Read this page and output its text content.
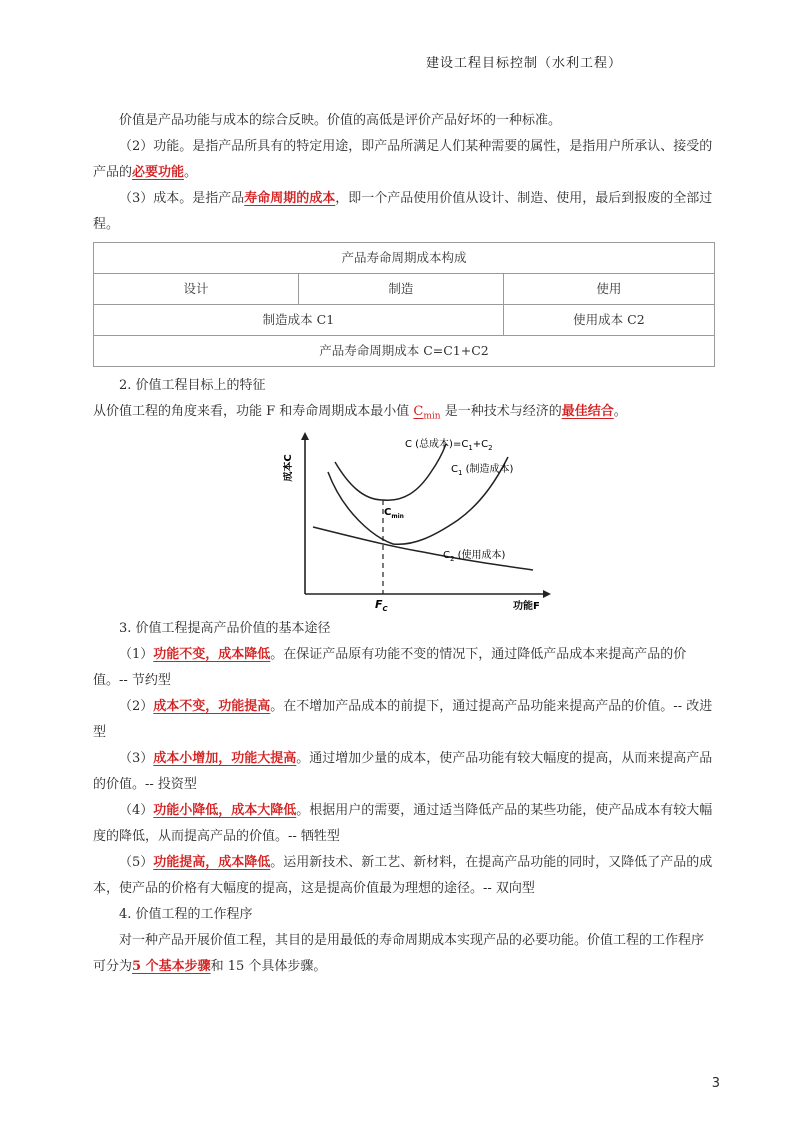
建设工程目标控制（水利工程）

价值是产品功能与成本的综合反映。价值的高低是评价产品好坏的一种标准。

（2）功能。是指产品所具有的特定用途，即产品所满足人们某种需要的属性，是指用户所承认、接受的产品的必要功能。

（3）成本。是指产品寿命周期的成本，即一个产品使用价值从设计、制造、使用，最后到报废的全部过程。

产品寿命周期成本构成		
设计	制造	使用
制造成本 C1		使用成本 C2
产品寿命周期成本 C=C1+C2		

2. 价值工程目标上的特征

从价值工程的角度来看，功能 F 和寿命周期成本最小值 $C_{min}$ 是一种技术与经济的最佳结合。

成本C
功能F
C (总成本)$=C_1+C_2$
$C_1$ (制造成本)
$C_2$ (使用成本)
$C_{min}$
$F_C$

3. 价值工程提高产品价值的基本途径

（1）功能不变，成本降低。在保证产品原有功能不变的情况下，通过降低产品成本来提高产品的价值。-- 节约型

（2）成本不变，功能提高。在不增加产品成本的前提下，通过提高产品功能来提高产品的价值。-- 改进型

（3）成本小增加，功能大提高。通过增加少量的成本，使产品功能有较大幅度的提高，从而来提高产品的价值。-- 投资型

（4）功能小降低，成本大降低。根据用户的需要，通过适当降低产品的某些功能，使产品成本有较大幅度的降低，从而提高产品的价值。-- 牺牲型

（5）功能提高，成本降低。运用新技术、新工艺、新材料，在提高产品功能的同时，又降低了产品的成本，使产品的价格有大幅度的提高，这是提高价值最为理想的途径。-- 双向型

4. 价值工程的工作程序

对一种产品开展价值工程，其目的是用最低的寿命周期成本实现产品的必要功能。价值工程的工作程序可分为5 个基本步骤和 15 个具体步骤。

3
